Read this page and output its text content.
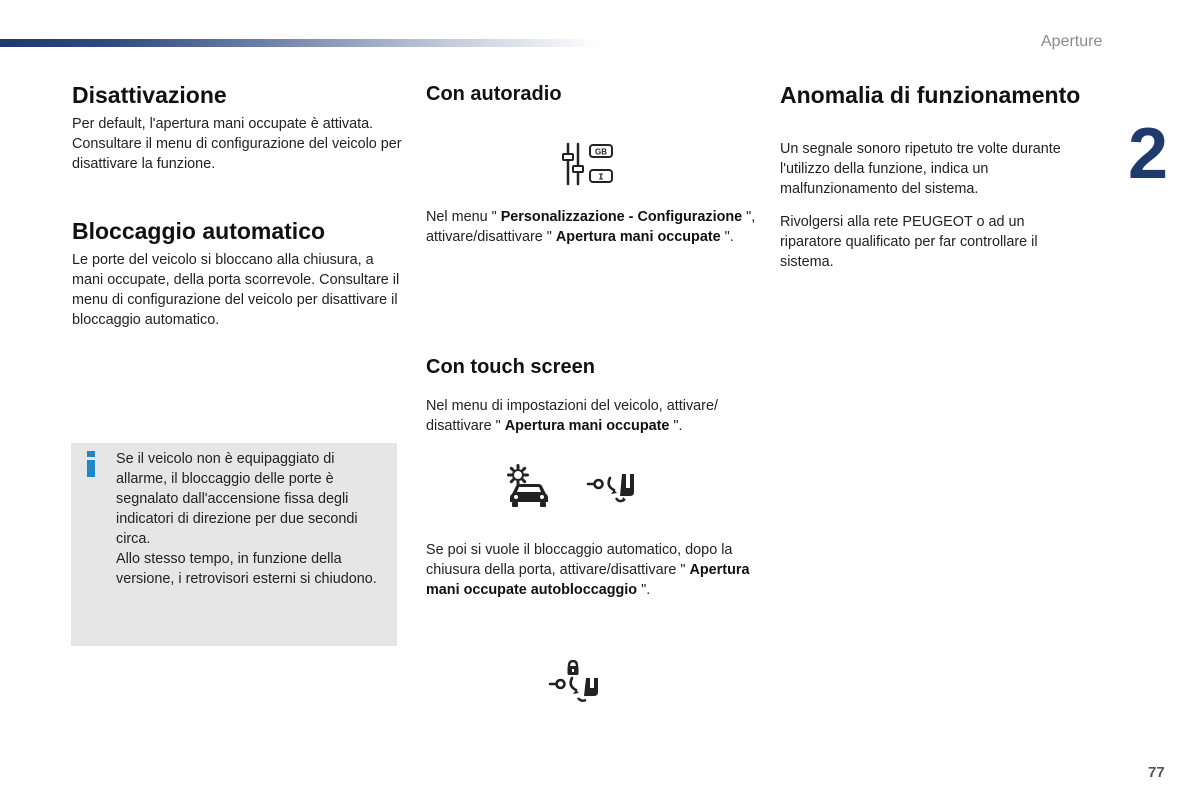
Aperture
2
77
Disattivazione

Per default, l'apertura mani occupate è attivata. Consultare il menu di configurazione del veicolo per disattivare la funzione.

Bloccaggio automatico

Le porte del veicolo si bloccano alla chiusura, a mani occupate, della porta scorrevole. Consultare il menu di configurazione del veicolo per disattivare il bloccaggio automatico.

Se il veicolo non è equipaggiato di allarme, il bloccaggio delle porte è segnalato dall'accensione fissa degli indicatori di direzione per due secondi circa.
Allo stesso tempo, in funzione della versione, i retrovisori esterni si chiudono.
Con autoradio
GB
I

Nel menu " Personalizzazione - Configurazione ", attivare/disattivare " Apertura mani occupate ".

Con touch screen

Nel menu di impostazioni del veicolo, attivare/ disattivare " Apertura mani occupate ".

Se poi si vuole il bloccaggio automatico, dopo la chiusura della porta, attivare/disattivare " Apertura mani occupate autobloccaggio ".

Anomalia di funzionamento

Un segnale sonoro ripetuto tre volte durante l'utilizzo della funzione, indica un malfunzionamento del sistema.

Rivolgersi alla rete PEUGEOT o ad un riparatore qualificato per far controllare il sistema.
